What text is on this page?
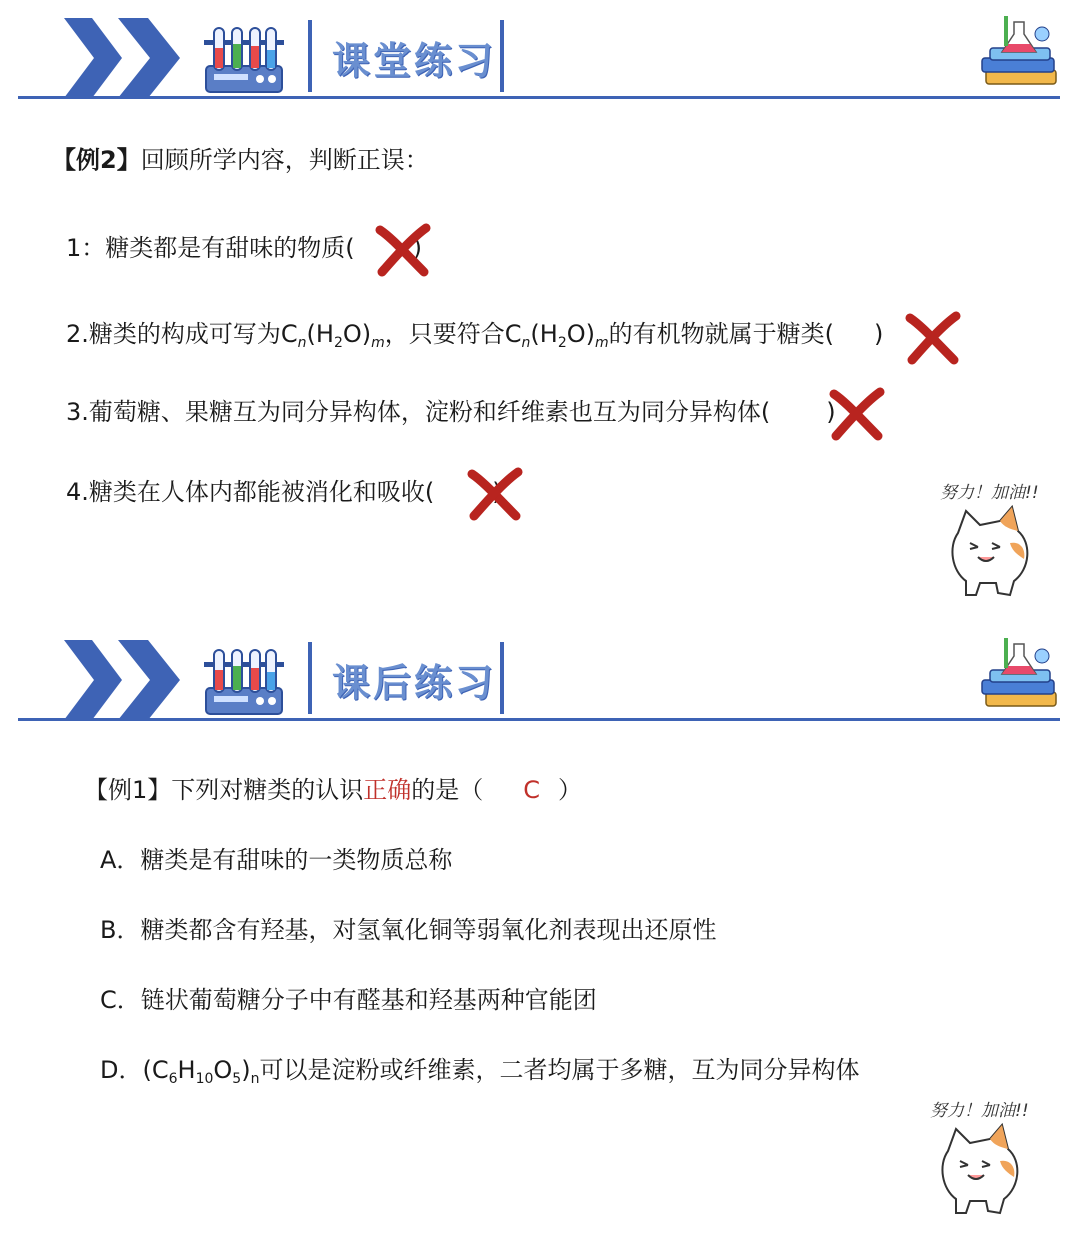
课堂练习
【例2】回顾所学内容，判断正误：
1：糖类都是有甜味的物质( )
2.糖类的构成可写为$C_n(H_2O)_m$，只要符合$C_n(H_2O)_m$的有机物就属于糖类( )
3.葡萄糖、果糖互为同分异构体，淀粉和纤维素也互为同分异构体( )
4.糖类在人体内都能被消化和吸收( )	努力！加油!!
课后练习
【例1】下列对糖类的认识正确的是（ C ）
A．糖类是有甜味的一类物质总称
B．糖类都含有羟基，对氢氧化铜等弱氧化剂表现出还原性
C．链状葡萄糖分子中有醛基和羟基两种官能团
D．$(C_6H_{10}O_5)_n$可以是淀粉或纤维素，二者均属于多糖，互为同分异构体
努力！加油!!
